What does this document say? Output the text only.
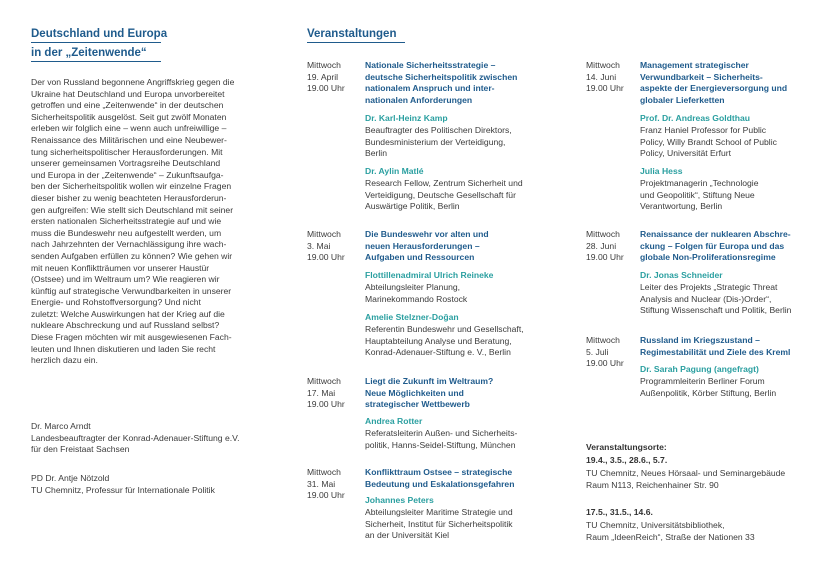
Deutschland und Europa
in der „Zeitenwende“
Der von Russland begonnene Angriffskrieg gegen die
Ukraine hat Deutschland und Europa unvorbereitet
getroffen und eine „Zeitenwende“ in der deutschen
Sicherheitspolitik ausgelöst. Seit gut zwölf Monaten
erleben wir folglich eine – wenn auch unfreiwillige –
Renaissance des Militärischen und eine Neubewer-
tung sicherheitspolitischer Herausforderungen. Mit
unserer gemeinsamen Vortragsreihe Deutschland
und Europa in der „Zeitenwende“ – Zukunftsaufga-
ben der Sicherheitspolitik wollen wir einzelne Fragen
dieser bisher zu wenig beachteten Herausforderun-
gen aufgreifen: Wie stellt sich Deutschland mit seiner
ersten nationalen Sicherheitsstrategie auf und wie
muss die Bundeswehr neu aufgestellt werden, um
nach Jahrzehnten der Vernachlässigung ihre wach-
senden Aufgaben erfüllen zu können? Wie gehen wir
mit neuen Konfliktträumen vor unserer Haustür
(Ostsee) und im Weltraum um? Wie reagieren wir
künftig auf strategische Verwundbarkeiten in unserer
Energie- und Rohstoffversorgung? Und nicht
zuletzt: Welche Auswirkungen hat der Krieg auf die
nukleare Abschreckung und auf Russland selbst?
Diese Fragen möchten wir mit ausgewiesenen Fach-
leuten und Ihnen diskutieren und laden Sie recht
herzlich dazu ein.
Dr. Marco Arndt
Landesbeauftragter der Konrad-Adenauer-Stiftung e.V.
für den Freistaat Sachsen
PD Dr. Antje Nötzold
TU Chemnitz, Professur für Internationale Politik
Veranstaltungen
Mittwoch
19. April
19.00 Uhr
Nationale Sicherheitsstrategie –
deutsche Sicherheitspolitik zwischen
nationalem Anspruch und inter-
nationalen Anforderungen
Dr. Karl-Heinz Kamp
Beauftragter des Politischen Direktors,
Bundesministerium der Verteidigung,
Berlin
Dr. Aylin Matlé
Research Fellow, Zentrum Sicherheit und
Verteidigung, Deutsche Gesellschaft für
Auswärtige Politik, Berlin
Mittwoch
3. Mai
19.00 Uhr
Die Bundeswehr vor alten und
neuen Herausforderungen –
Aufgaben und Ressourcen
Flottillenadmiral Ulrich Reineke
Abteilungsleiter Planung,
Marinekommando Rostock
Amelie Stelzner-Doğan
Referentin Bundeswehr und Gesellschaft,
Hauptabteilung Analyse und Beratung,
Konrad-Adenauer-Stiftung e. V., Berlin
Mittwoch
17. Mai
19.00 Uhr
Liegt die Zukunft im Weltraum?
Neue Möglichkeiten und
strategischer Wettbewerb
Andrea Rotter
Referatsleiterin Außen- und Sicherheits-
politik, Hanns-Seidel-Stiftung, München
Mittwoch
31. Mai
19.00 Uhr
Konflikttraum Ostsee – strategische
Bedeutung und Eskalationsgefahren
Johannes Peters
Abteilungsleiter Maritime Strategie und
Sicherheit, Institut für Sicherheitspolitik
an der Universität Kiel
Mittwoch
14. Juni
19.00 Uhr
Management strategischer
Verwundbarkeit – Sicherheits-
aspekte der Energieversorgung und
globaler Lieferketten
Prof. Dr. Andreas Goldthau
Franz Haniel Professor for Public
Policy, Willy Brandt School of Public
Policy, Universität Erfurt
Julia Hess
Projektmanagerin „Technologie
und Geopolitik“, Stiftung Neue
Verantwortung, Berlin
Mittwoch
28. Juni
19.00 Uhr
Renaissance der nuklearen Abschre-
ckung – Folgen für Europa und das
globale Non-Proliferationsregime
Dr. Jonas Schneider
Leiter des Projekts „Strategic Threat
Analysis and Nuclear (Dis-)Order“,
Stiftung Wissenschaft und Politik, Berlin
Mittwoch
5. Juli
19.00 Uhr
Russland im Kriegszustand –
Regimestabilität und Ziele des Kreml
Dr. Sarah Pagung (angefragt)
Programmleiterin Berliner Forum
Außenpolitik, Körber Stiftung, Berlin
Veranstaltungsorte:
19.4., 3.5., 28.6., 5.7.
TU Chemnitz, Neues Hörsaal- und Seminargebäude
Raum N113, Reichenhainer Str. 90
17.5., 31.5., 14.6.
TU Chemnitz, Universitätsbibliothek,
Raum „IdeenReich“, Straße der Nationen 33
